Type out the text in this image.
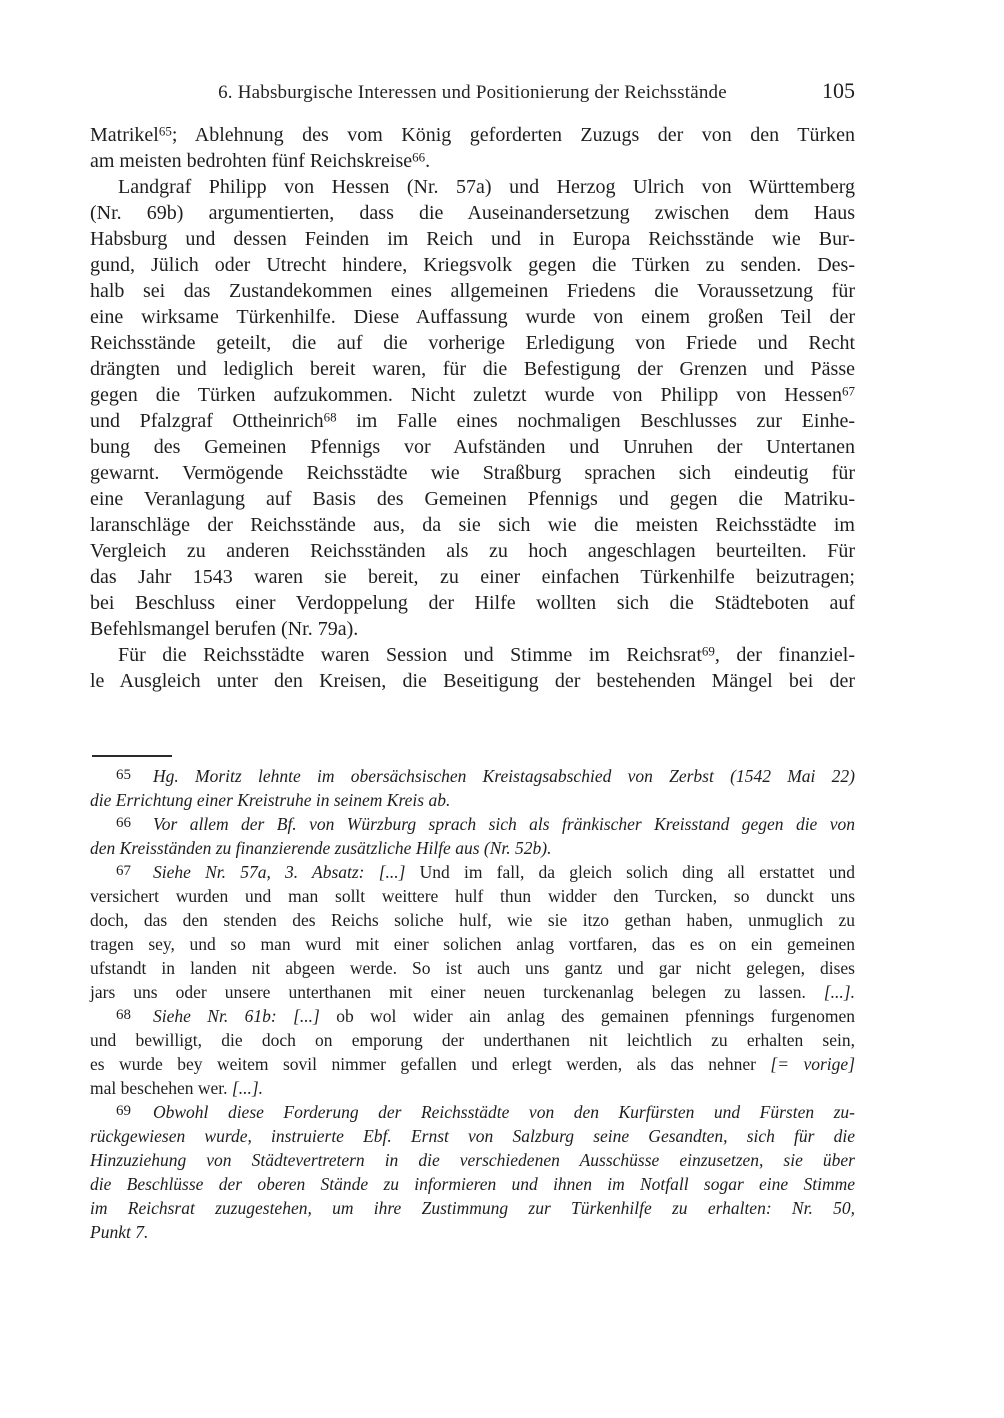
6. Habsburgische Interessen und Positionierung der Reichsstände	105
Matrikel$^{65}$; Ablehnung des vom König geforderten Zuzugs der von den Türken
am meisten bedrohten fünf Reichskreise$^{66}$.
Landgraf Philipp von Hessen (Nr. 57a) und Herzog Ulrich von Württemberg
(Nr. 69b) argumentierten, dass die Auseinandersetzung zwischen dem Haus
Habsburg und dessen Feinden im Reich und in Europa Reichsstände wie Bur-
gund, Jülich oder Utrecht hindere, Kriegsvolk gegen die Türken zu senden. Des-
halb sei das Zustandekommen eines allgemeinen Friedens die Voraussetzung für
eine wirksame Türkenhilfe. Diese Auffassung wurde von einem großen Teil der
Reichsstände geteilt, die auf die vorherige Erledigung von Friede und Recht
drängten und lediglich bereit waren, für die Befestigung der Grenzen und Pässe
gegen die Türken aufzukommen. Nicht zuletzt wurde von Philipp von Hessen$^{67}$
und Pfalzgraf Ottheinrich$^{68}$ im Falle eines nochmaligen Beschlusses zur Einhe-
bung des Gemeinen Pfennigs vor Aufständen und Unruhen der Untertanen
gewarnt. Vermögende Reichsstädte wie Straßburg sprachen sich eindeutig für
eine Veranlagung auf Basis des Gemeinen Pfennigs und gegen die Matriku-
laranschläge der Reichsstände aus, da sie sich wie die meisten Reichsstädte im
Vergleich zu anderen Reichsständen als zu hoch angeschlagen beurteilten. Für
das Jahr 1543 waren sie bereit, zu einer einfachen Türkenhilfe beizutragen;
bei Beschluss einer Verdoppelung der Hilfe wollten sich die Städteboten auf
Befehlsmangel berufen (Nr. 79a).
Für die Reichsstädte waren Session und Stimme im Reichsrat$^{69}$, der finanziel-
le Ausgleich unter den Kreisen, die Beseitigung der bestehenden Mängel bei der
65 Hg. Moritz lehnte im obersächsischen Kreistagsabschied von Zerbst (1542 Mai 22)
die Errichtung einer Kreistruhe in seinem Kreis ab.
66 Vor allem der Bf. von Würzburg sprach sich als fränkischer Kreisstand gegen die von
den Kreisständen zu finanzierende zusätzliche Hilfe aus (Nr. 52b).
67 Siehe Nr. 57a, 3. Absatz: [...] Und im fall, da gleich solich ding all erstattet und
versichert wurden und man sollt weittere hulf thun widder den Turcken, so dunckt uns
doch, das den stenden des Reichs soliche hulf, wie sie itzo gethan haben, unmuglich zu
tragen sey, und so man wurd mit einer solichen anlag vortfaren, das es on ein gemeinen
ufstandt in landen nit abgeen werde. So ist auch uns gantz und gar nicht gelegen, dises
jars uns oder unsere unterthanen mit einer neuen turckenanlag belegen zu lassen. [...].
68 Siehe Nr. 61b: [...] ob wol wider ain anlag des gemainen pfennings furgenomen
und bewilligt, die doch on emporung der underthanen nit leichtlich zu erhalten sein,
es wurde bey weitem sovil nimmer gefallen und erlegt werden, als das nehner [= vorige]
mal beschehen wer. [...].
69 Obwohl diese Forderung der Reichsstädte von den Kurfürsten und Fürsten zu-
rückgewiesen wurde, instruierte Ebf. Ernst von Salzburg seine Gesandten, sich für die
Hinzuziehung von Städtevertretern in die verschiedenen Ausschüsse einzusetzen, sie über
die Beschlüsse der oberen Stände zu informieren und ihnen im Notfall sogar eine Stimme
im Reichsrat zuzugestehen, um ihre Zustimmung zur Türkenhilfe zu erhalten: Nr. 50,
Punkt 7.
